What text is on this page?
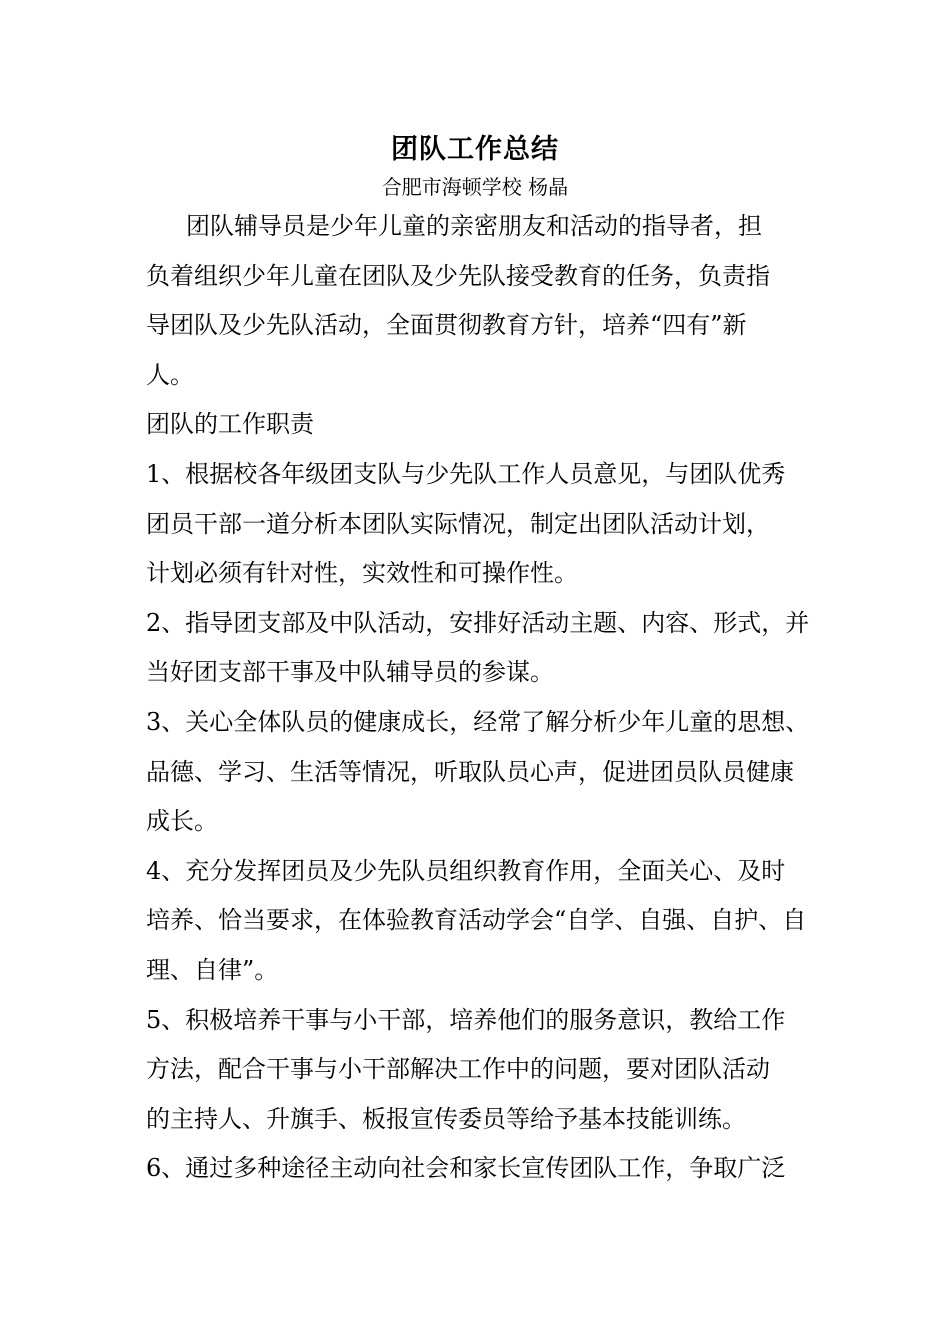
团队工作总结
合肥市海顿学校 杨晶
团队辅导员是少年儿童的亲密朋友和活动的指导者，担
负着组织少年儿童在团队及少先队接受教育的任务，负责指
导团队及少先队活动，全面贯彻教育方针，培养“四有”新
人。
团队的工作职责
1、根据校各年级团支队与少先队工作人员意见，与团队优秀
团员干部一道分析本团队实际情况，制定出团队活动计划，
计划必须有针对性，实效性和可操作性。
2、指导团支部及中队活动，安排好活动主题、内容、形式，并
当好团支部干事及中队辅导员的参谋。
3、关心全体队员的健康成长，经常了解分析少年儿童的思想、
品德、学习、生活等情况，听取队员心声，促进团员队员健康
成长。
4、充分发挥团员及少先队员组织教育作用，全面关心、及时
培养、恰当要求，在体验教育活动学会“自学、自强、自护、自
理、自律”。
5、积极培养干事与小干部，培养他们的服务意识，教给工作
方法，配合干事与小干部解决工作中的问题，要对团队活动
的主持人、升旗手、板报宣传委员等给予基本技能训练。
6、通过多种途径主动向社会和家长宣传团队工作，争取广泛
